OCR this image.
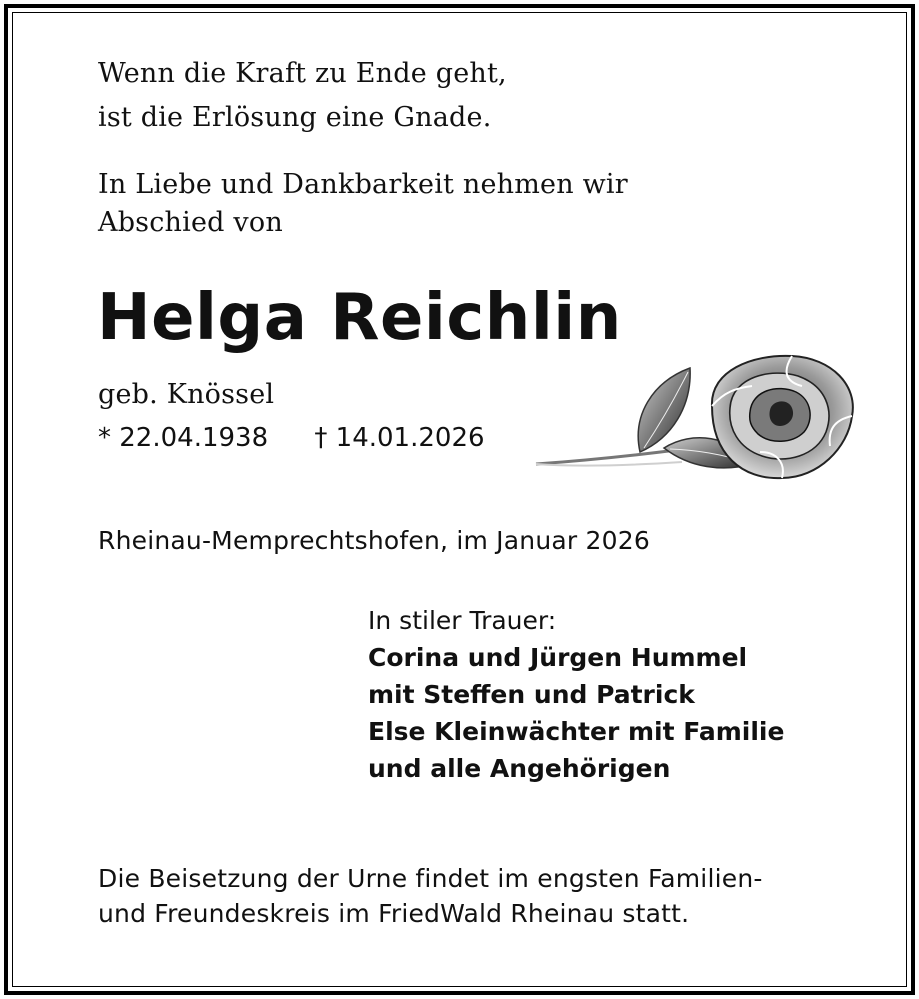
Wenn die Kraft zu Ende geht,
ist die Erlösung eine Gnade.
In Liebe und Dankbarkeit nehmen wir
Abschied von
Helga Reichlin
geb. Knössel
* 22.04.1938 † 14.01.2026
Rheinau-Memprechtshofen, im Januar 2026
In stiler Trauer:
Corina und Jürgen Hummel
mit Steffen und Patrick
Else Kleinwächter mit Familie
und alle Angehörigen
Die Beisetzung der Urne findet im engsten Familien-
und Freundeskreis im FriedWald Rheinau statt.
